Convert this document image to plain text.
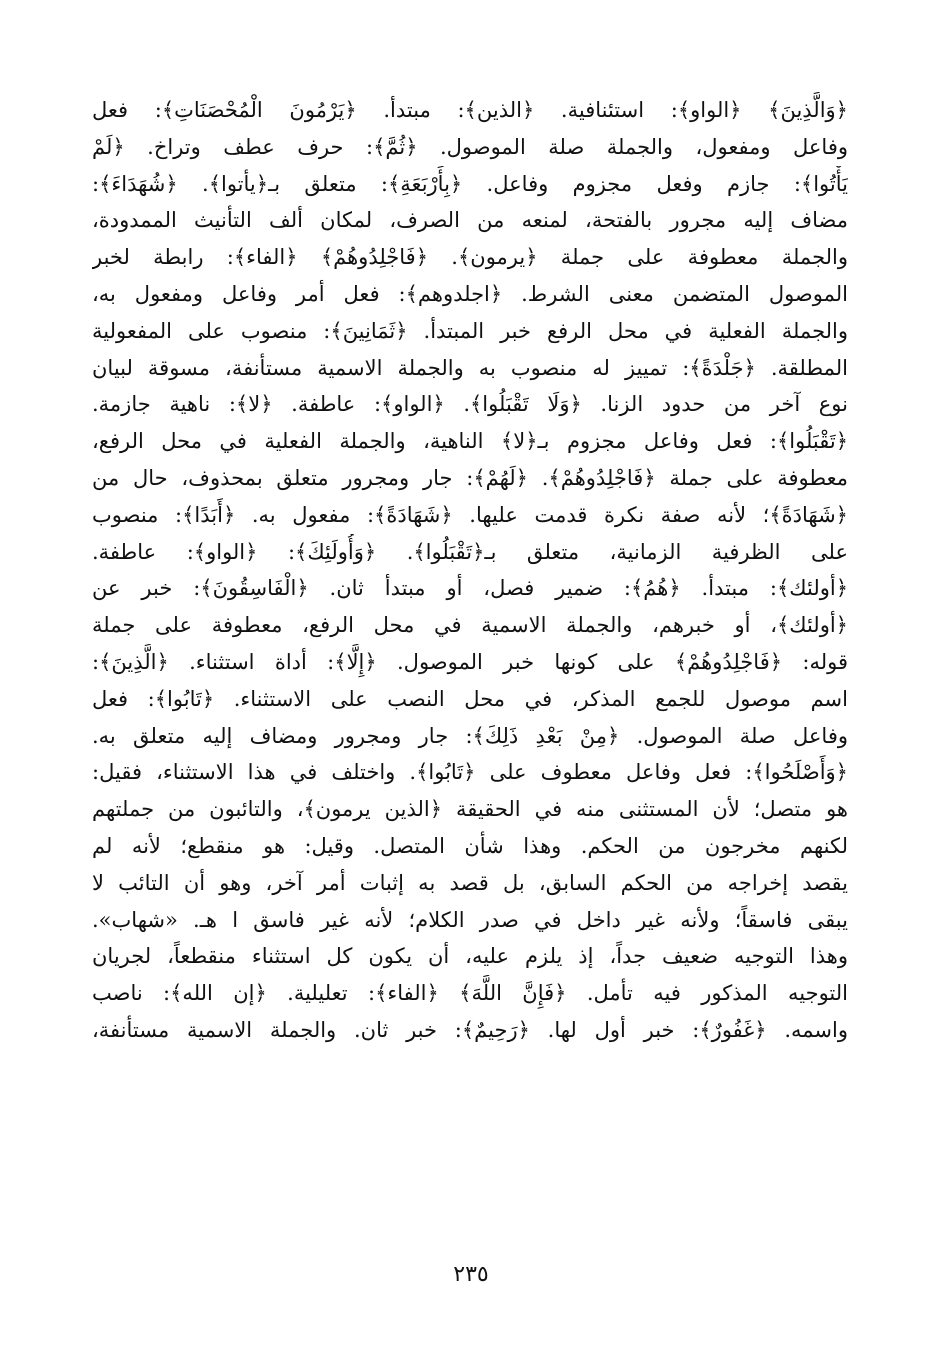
﴿وَالَّذِينَ﴾ ﴿الواو﴾: استئنافية. ﴿الذين﴾: مبتدأ. ﴿يَرْمُونَ الْمُحْصَنَاتِ﴾: فعل
وفاعل ومفعول، والجملة صلة الموصول. ﴿ثُمَّ﴾: حرف عطف وتراخ. ﴿لَمْ
يَأْتُوا﴾: جازم وفعل مجزوم وفاعل. ﴿بِأَرْبَعَةِ﴾: متعلق بـ﴿يأتوا﴾. ﴿شُهَدَاءَ﴾:
مضاف إليه مجرور بالفتحة، لمنعه من الصرف، لمكان ألف التأنيث الممدودة،
والجملة معطوفة على جملة ﴿يرمون﴾. ﴿فَاجْلِدُوهُمْ﴾ ﴿الفاء﴾: رابطة لخبر
الموصول المتضمن معنى الشرط. ﴿اجلدوهم﴾: فعل أمر وفاعل ومفعول به،
والجملة الفعلية في محل الرفع خبر المبتدأ. ﴿ثَمَانِينَ﴾: منصوب على المفعولية
المطلقة. ﴿جَلْدَةً﴾: تمييز له منصوب به والجملة الاسمية مستأنفة، مسوقة لبيان
نوع آخر من حدود الزنا. ﴿وَلَا تَقْبَلُوا﴾. ﴿الواو﴾: عاطفة. ﴿لا﴾: ناهية جازمة.
﴿تَقْبَلُوا﴾: فعل وفاعل مجزوم بـ﴿لا﴾ الناهية، والجملة الفعلية في محل الرفع،
معطوفة على جملة ﴿فَاجْلِدُوهُمْ﴾. ﴿لَهُمْ﴾: جار ومجرور متعلق بمحذوف، حال من
﴿شَهَادَةً﴾؛ لأنه صفة نكرة قدمت عليها. ﴿شَهَادَةً﴾: مفعول به. ﴿أَبَدًا﴾: منصوب
على الظرفية الزمانية، متعلق بـ﴿تَقْبَلُوا﴾. ﴿وَأُولَئِكَ﴾: ﴿الواو﴾: عاطفة.
﴿أولئك﴾: مبتدأ. ﴿هُمُ﴾: ضمير فصل، أو مبتدأ ثان. ﴿الْفَاسِقُونَ﴾: خبر عن
﴿أولئك﴾، أو خبرهم، والجملة الاسمية في محل الرفع، معطوفة على جملة
قوله: ﴿فَاجْلِدُوهُمْ﴾ على كونها خبر الموصول. ﴿إِلَّا﴾: أداة استثناء. ﴿الَّذِينَ﴾:
اسم موصول للجمع المذكر، في محل النصب على الاستثناء. ﴿تَابُوا﴾: فعل
وفاعل صلة الموصول. ﴿مِنْ بَعْدِ ذَلِكَ﴾: جار ومجرور ومضاف إليه متعلق به.
﴿وَأَصْلَحُوا﴾: فعل وفاعل معطوف على ﴿تَابُوا﴾. واختلف في هذا الاستثناء، فقيل:
هو متصل؛ لأن المستثنى منه في الحقيقة ﴿الذين يرمون﴾، والتائبون من جملتهم
لكنهم مخرجون من الحكم. وهذا شأن المتصل. وقيل: هو منقطع؛ لأنه لم
يقصد إخراجه من الحكم السابق، بل قصد به إثبات أمر آخر، وهو أن التائب لا
يبقى فاسقاً؛ ولأنه غير داخل في صدر الكلام؛ لأنه غير فاسق ا هـ. «شهاب».
وهذا التوجيه ضعيف جداً، إذ يلزم عليه، أن يكون كل استثناء منقطعاً، لجريان
التوجيه المذكور فيه تأمل. ﴿فَإِنَّ اللَّهَ﴾ ﴿الفاء﴾: تعليلية. ﴿إن الله﴾: ناصب
واسمه. ﴿غَفُورٌ﴾: خبر أول لها. ﴿رَحِيمٌ﴾: خبر ثان. والجملة الاسمية مستأنفة،
٢٣٥
